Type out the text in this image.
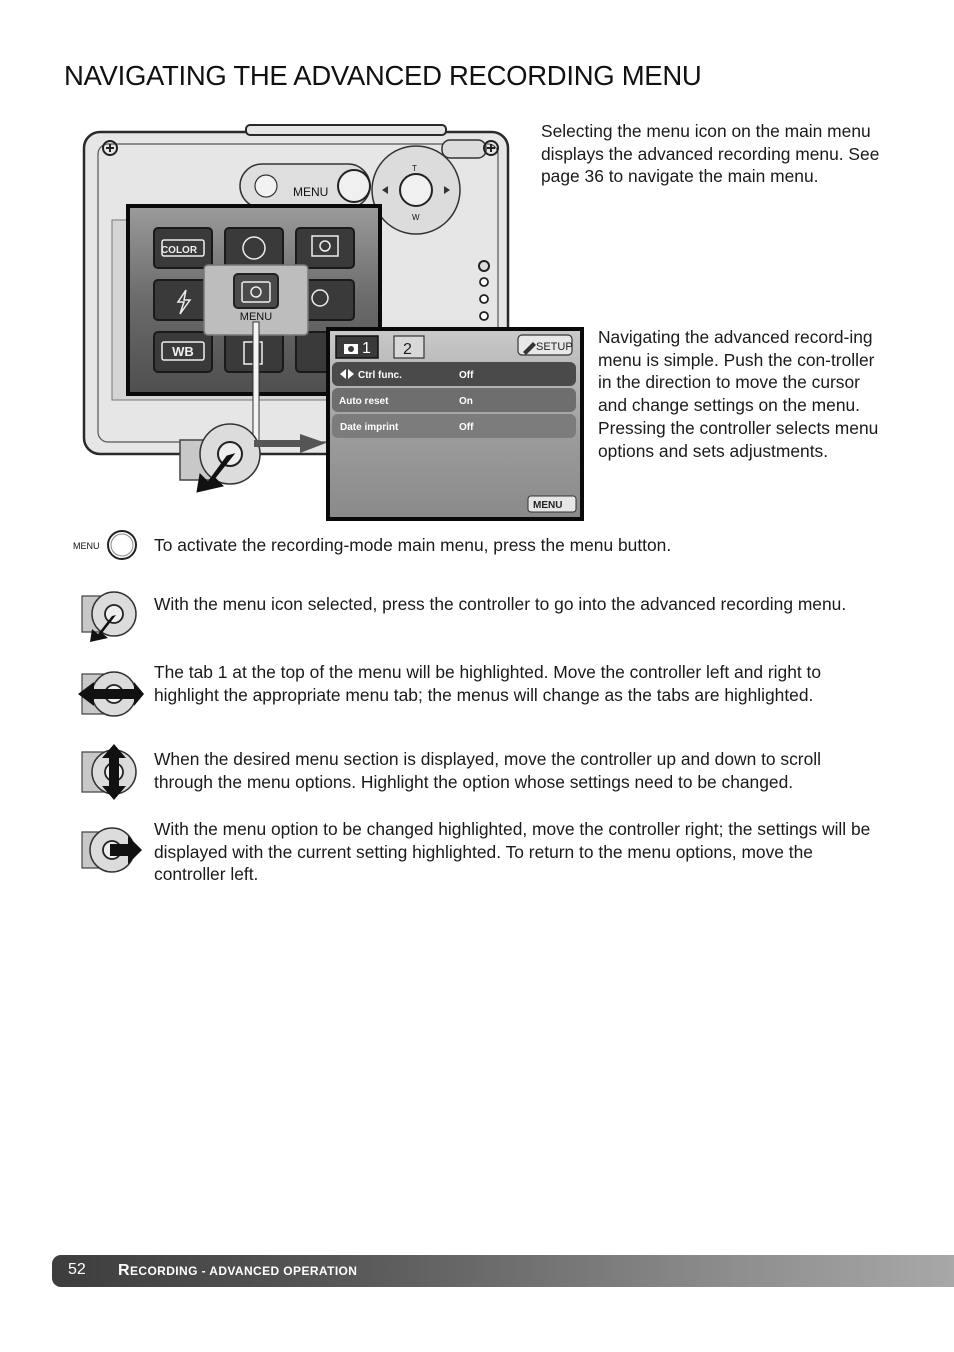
NAVIGATING THE ADVANCED RECORDING MENU

Selecting the menu icon on the main menu displays the advanced recording menu. See page 36 to navigate the main menu.

Navigating the advanced record-ing menu is simple. Push the con-troller in the direction to move the cursor and change settings on the menu. Pressing the controller selects menu options and sets adjustments.

MENU
T
W
COLOR
WB
MENU
1 2	SETUP
Ctrl func.	Off
Auto reset	On
Date imprint	Off
MENU
MENU	To activate the recording-mode main menu, press the menu button.

With the menu icon selected, press the controller to go into the advanced recording menu.

The tab 1 at the top of the menu will be highlighted. Move the controller left and right to highlight the appropriate menu tab; the menus will change as the tabs are highlighted.

When the desired menu section is displayed, move the controller up and down to scroll through the menu options. Highlight the option whose settings need to be changed.

With the menu option to be changed highlighted, move the controller right; the settings will be displayed with the current setting highlighted. To return to the menu options, move the controller left.

52 RECORDING - ADVANCED OPERATION
